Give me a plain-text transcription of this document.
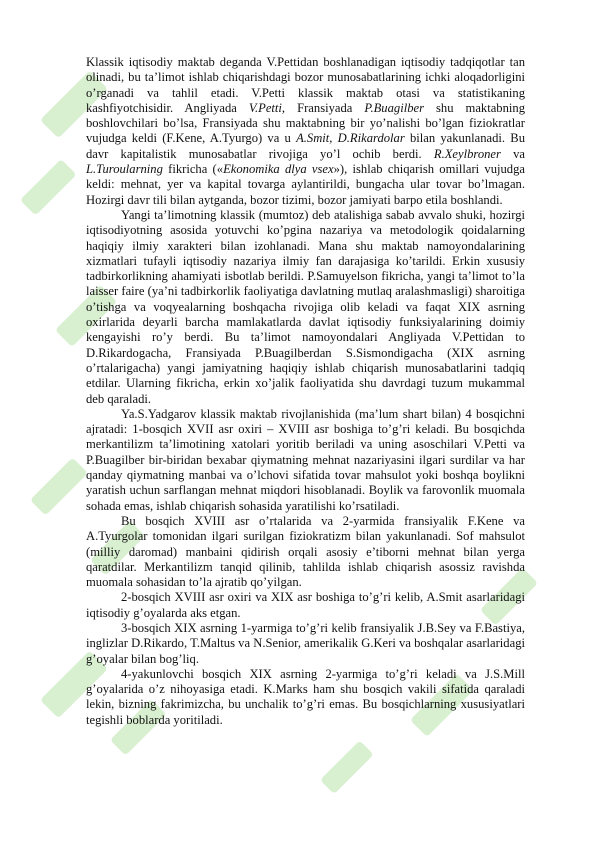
Klassik iqtisodiy maktab deganda V.Pettidan boshlanadigan iqtisodiy tadqiqotlar tan olinadi, bu ta’limot ishlab chiqarishdagi bozor munosabatlarining ichki aloqadorligini o’rganadi va tahlil etadi. V.Petti klassik maktab otasi va statistikaning kashfiyotchisidir. Angliyada V.Petti, Fransiyada P.Buagilber shu maktabning boshlovchilari bo’lsa, Fransiyada shu maktabning bir yo’nalishi bo’lgan fiziokratlar vujudga keldi (F.Kene, A.Tyurgo) va u A.Smit, D.Rikardolar bilan yakunlanadi. Bu davr kapitalistik munosabatlar rivojiga yo’l ochib berdi. R.Xeylbroner va L.Turoularning fikricha («Ekonomika dlya vsex»), ishlab chiqarish omillari vujudga keldi: mehnat, yer va kapital tovarga aylantirildi, bungacha ular tovar bo’lmagan. Hozirgi davr tili bilan aytganda, bozor tizimi, bozor jamiyati barpo etila boshlandi.

Yangi ta’limotning klassik (mumtoz) deb atalishiga sabab avvalo shuki, hozirgi iqtisodiyotning asosida yotuvchi ko’pgina nazariya va metodologik qoidalarning haqiqiy ilmiy xarakteri bilan izohlanadi. Mana shu maktab namoyondalarining xizmatlari tufayli iqtisodiy nazariya ilmiy fan darajasiga ko’tarildi. Erkin xususiy tadbirkorlikning ahamiyati isbotlab berildi. P.Samuyelson fikricha, yangi ta’limot to’la laisser faire (ya’ni tadbirkorlik faoliyatiga davlatning mutlaq aralashmasligi) sharoitiga o’tishga va voqyealarning boshqacha rivojiga olib keladi va faqat XIX asrning oxirlarida deyarli barcha mamlakatlarda davlat iqtisodiy funksiyalarining doimiy kengayishi ro’y berdi. Bu ta’limot namoyondalari Angliyada V.Pettidan to D.Rikardogacha, Fransiyada P.Buagilberdan S.Sismondigacha (XIX asrning o’rtalarigacha) yangi jamiyatning haqiqiy ishlab chiqarish munosabatlarini tadqiq etdilar. Ularning fikricha, erkin xo’jalik faoliyatida shu davrdagi tuzum mukammal deb qaraladi.

Ya.S.Yadgarov klassik maktab rivojlanishida (ma’lum shart bilan) 4 bosqichni ajratadi: 1-bosqich XVII asr oxiri – XVIII asr boshiga to’g’ri keladi. Bu bosqichda merkantilizm ta’limotining xatolari yoritib beriladi va uning asoschilari V.Petti va P.Buagilber bir-biridan bexabar qiymatning mehnat nazariyasini ilgari surdilar va har qanday qiymatning manbai va o’lchovi sifatida tovar mahsulot yoki boshqa boylikni yaratish uchun sarflangan mehnat miqdori hisoblanadi. Boylik va farovonlik muomala sohada emas, ishlab chiqarish sohasida yaratilishi ko’rsatiladi.

Bu bosqich XVIII asr o’rtalarida va 2-yarmida fransiyalik F.Kene va A.Tyurgolar tomonidan ilgari surilgan fiziokratizm bilan yakunlanadi. Sof mahsulot (milliy daromad) manbaini qidirish orqali asosiy e’tiborni mehnat bilan yerga qaratdilar. Merkantilizm tanqid qilinib, tahlilda ishlab chiqarish asossiz ravishda muomala sohasidan to’la ajratib qo’yilgan.

2-bosqich XVIII asr oxiri va XIX asr boshiga to’g’ri kelib, A.Smit asarlaridagi iqtisodiy g’oyalarda aks etgan.

3-bosqich XIX asrning 1-yarmiga to’g’ri kelib fransiyalik J.B.Sey va F.Bastiya, inglizlar D.Rikardo, T.Maltus va N.Senior, amerikalik G.Keri va boshqalar asarlaridagi g’oyalar bilan bog’liq.

4-yakunlovchi bosqich XIX asrning 2-yarmiga to’g’ri keladi va J.S.Mill g’oyalarida o’z nihoyasiga etadi. K.Marks ham shu bosqich vakili sifatida qaraladi lekin, bizning fakrimizcha, bu unchalik to’g’ri emas. Bu bosqichlarning xususiyatlari tegishli boblarda yoritiladi.
